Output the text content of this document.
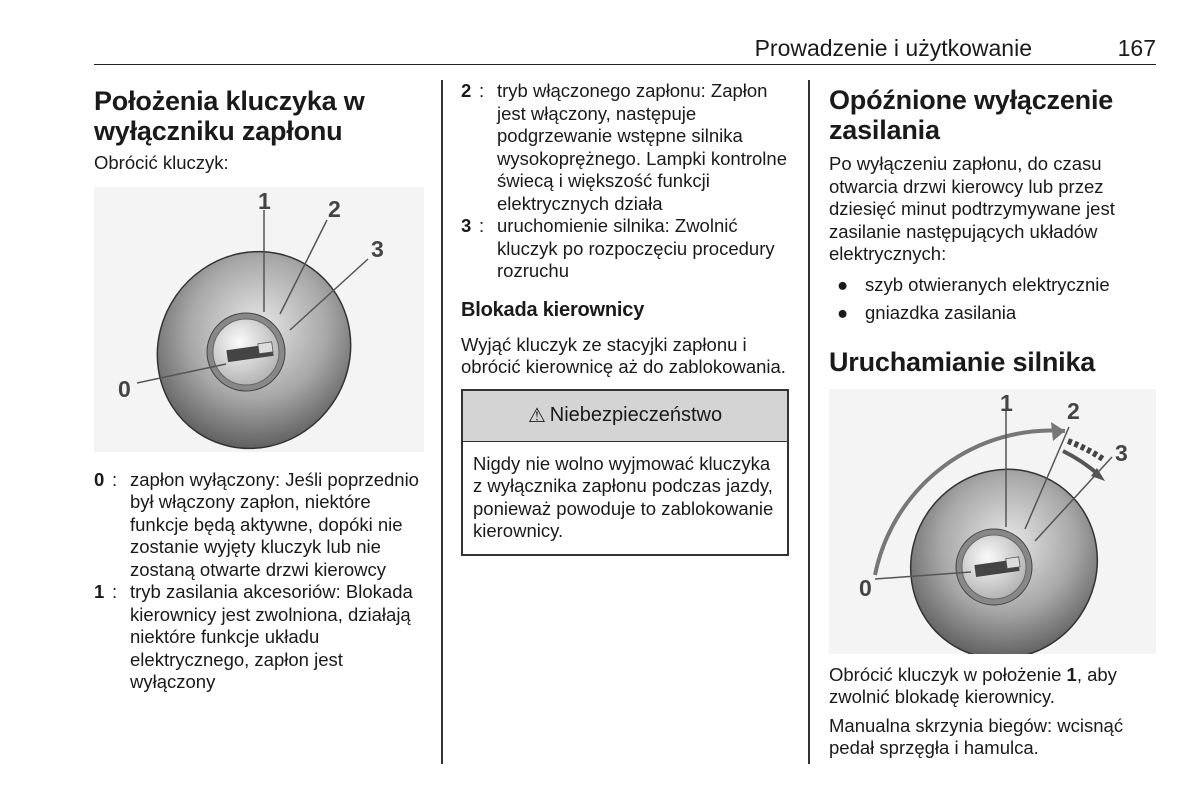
Prowadzenie i użytkowanie	167
Położenia kluczyka w wyłączniku zapłonu

Obrócić kluczyk:

1 2
3
0
0 : zapłon wyłączony: Jeśli poprzednio był włączony zapłon, niektóre funkcje będą aktywne, dopóki nie zostanie wyjęty kluczyk lub nie zostaną otwarte drzwi kierowcy
1 : tryb zasilania akcesoriów: Blokada kierownicy jest zwolniona, działają niektóre funkcje układu elektrycznego, zapłon jest wyłączony
2 : tryb włączonego zapłonu: Zapłon jest włączony, następuje podgrzewanie wstępne silnika wysokoprężnego. Lampki kontrolne świecą i większość funkcji elektrycznych działa
3 : uruchomienie silnika: Zwolnić kluczyk po rozpoczęciu procedury rozruchu
Blokada kierownicy

Wyjąć kluczyk ze stacyjki zapłonu i obrócić kierownicę aż do zablokowania.

⚠ Niebezpieczeństwo

Nigdy nie wolno wyjmować kluczyka z wyłącznika zapłonu podczas jazdy, ponieważ powoduje to zablokowanie kierownicy.

Opóźnione wyłączenie zasilania

Po wyłączeniu zapłonu, do czasu otwarcia drzwi kierowcy lub przez dziesięć minut podtrzymywane jest zasilanie następujących układów elektrycznych:

● szyb otwieranych elektrycznie
● gniazdka zasilania
Uruchamianie silnika
1 2
3
0

Obrócić kluczyk w położenie 1, aby zwolnić blokadę kierownicy.

Manualna skrzynia biegów: wcisnąć pedał sprzęgła i hamulca.
